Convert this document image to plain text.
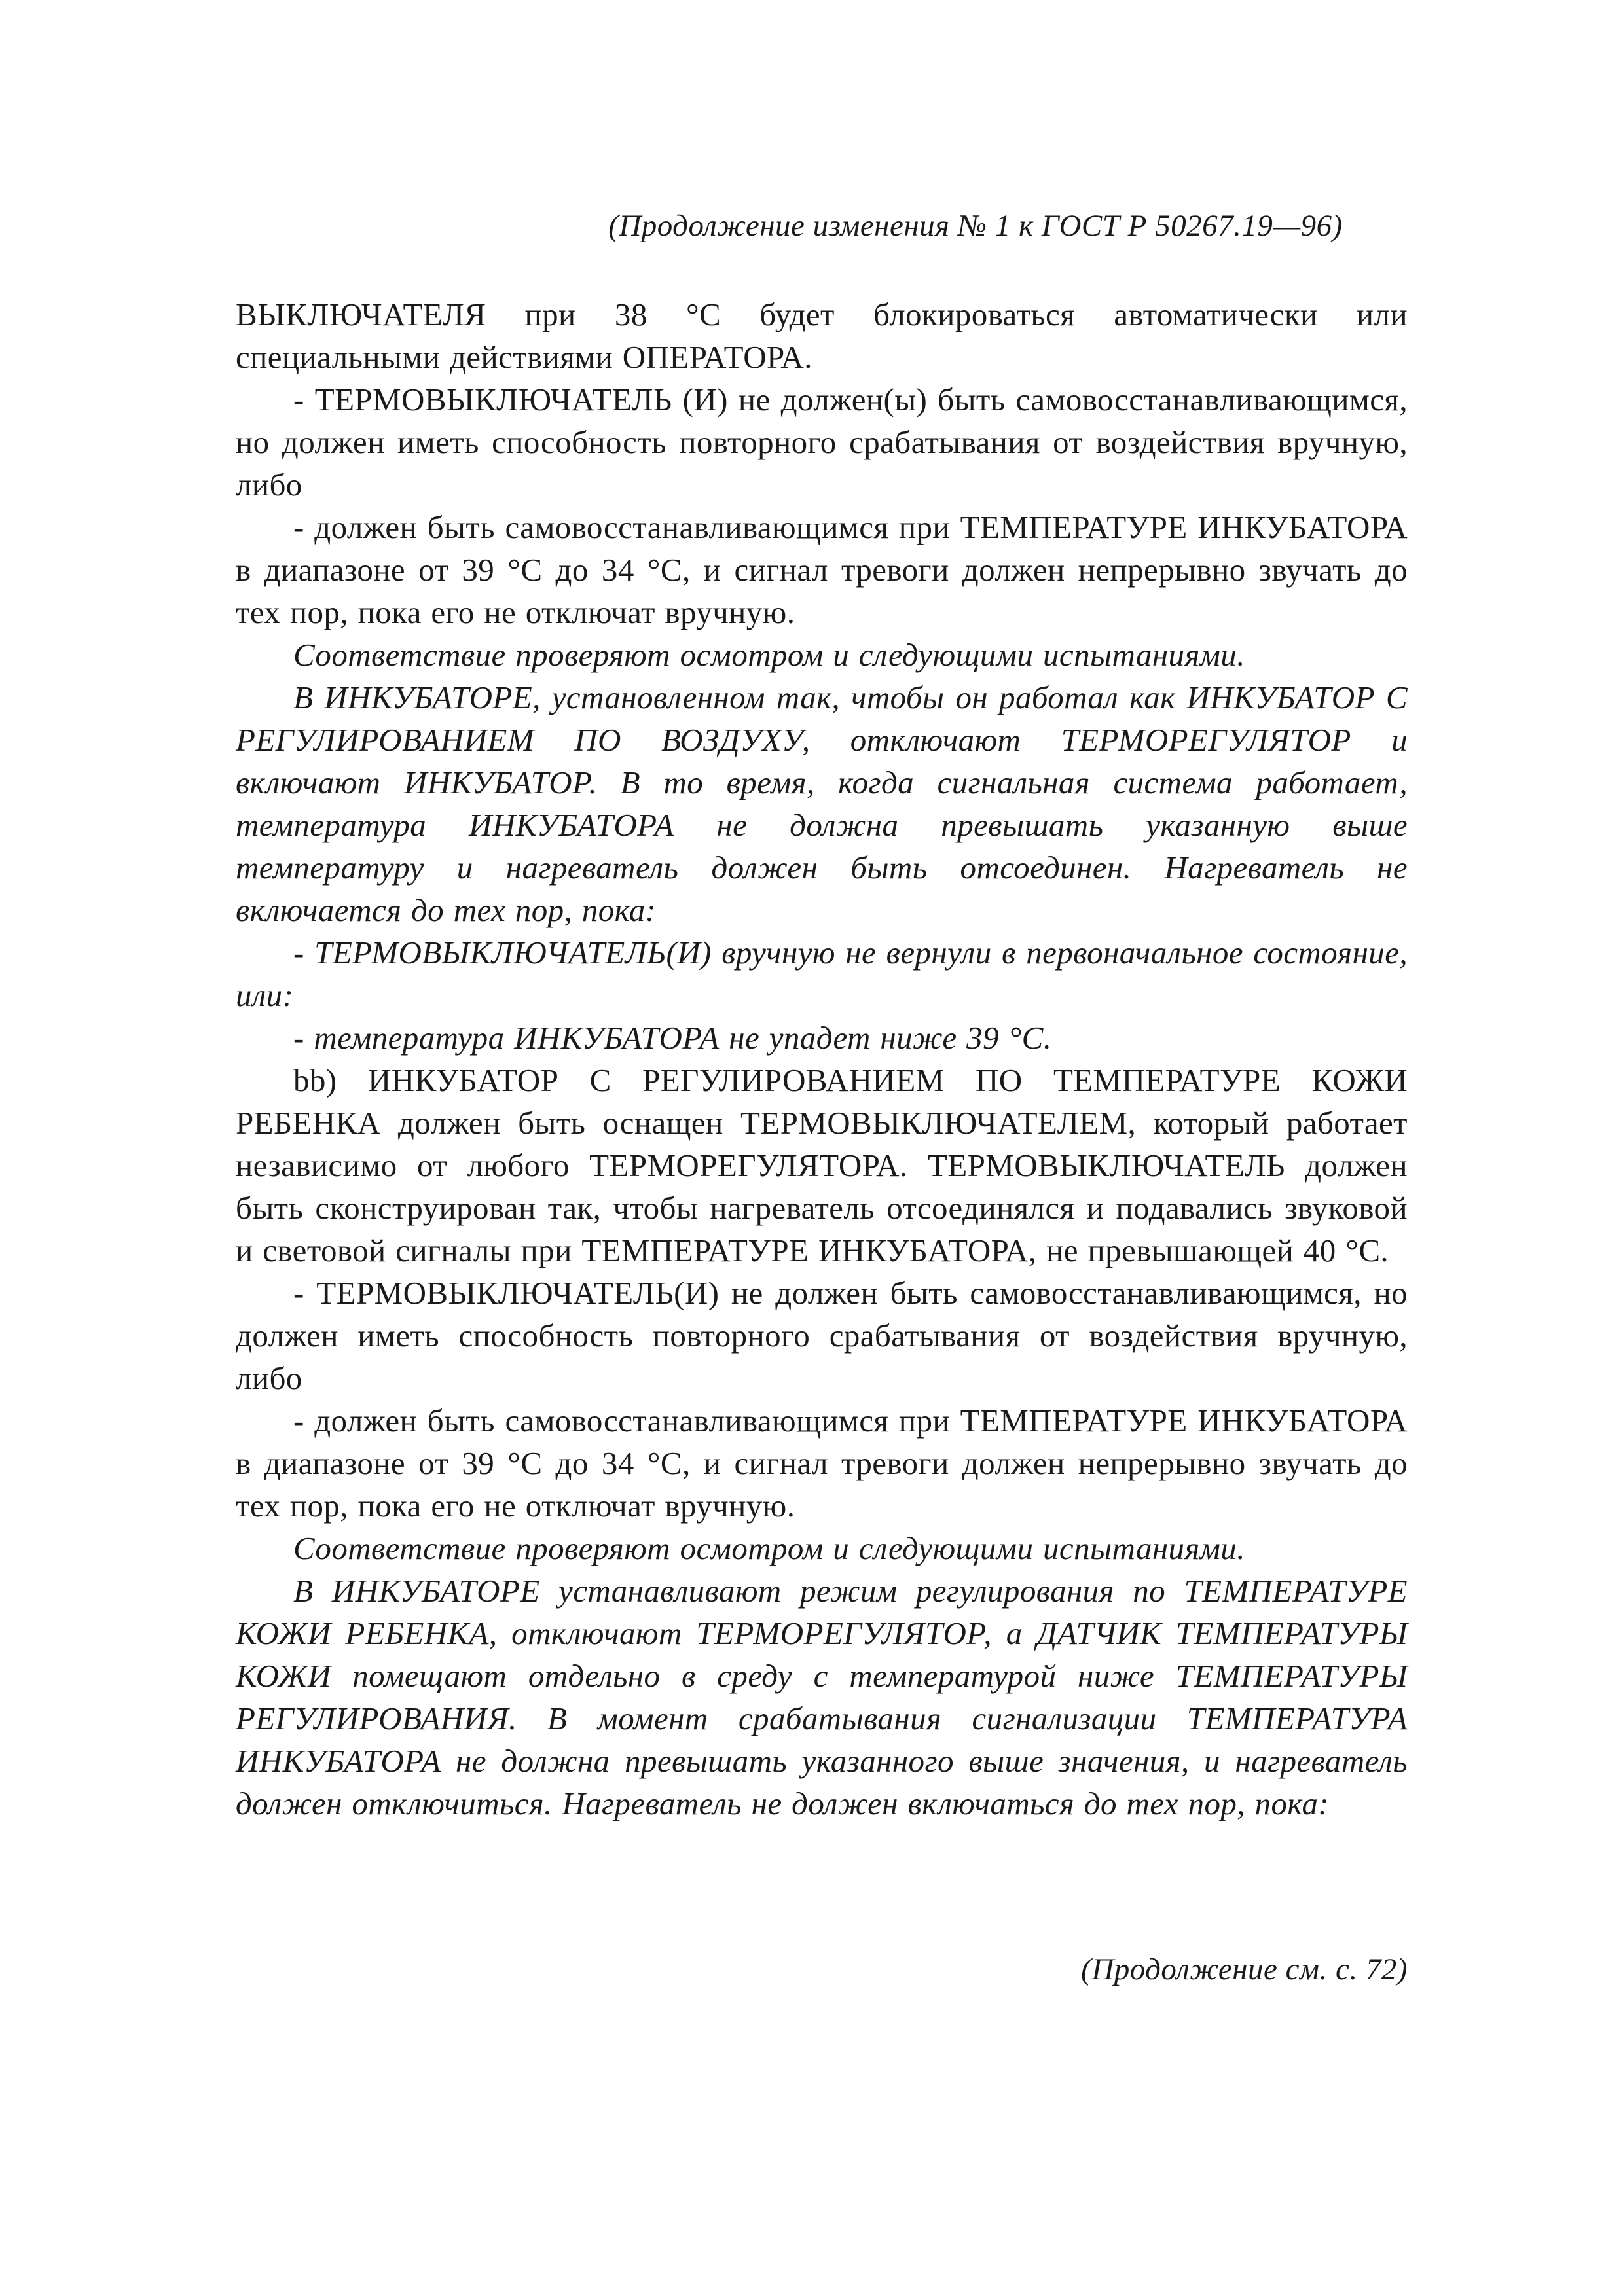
(Продолжение изменения № 1 к ГОСТ Р 50267.19—96)

ВЫКЛЮЧАТЕЛЯ при 38 °С будет блокироваться автоматически или специальными действиями ОПЕРАТОРА.

- ТЕРМОВЫКЛЮЧАТЕЛЬ (И) не должен(ы) быть самовосстанавливающимся, но должен иметь способность повторного срабатывания от воздействия вручную, либо

- должен быть самовосстанавливающимся при ТЕМПЕРАТУРЕ ИНКУБАТОРА в диапазоне от 39 °С до 34 °С, и сигнал тревоги должен непрерывно звучать до тех пор, пока его не отключат вручную.

Соответствие проверяют осмотром и следующими испытаниями.

В ИНКУБАТОРЕ, установленном так, чтобы он работал как ИНКУБАТОР С РЕГУЛИРОВАНИЕМ ПО ВОЗДУХУ, отключают ТЕРМОРЕГУЛЯТОР и включают ИНКУБАТОР. В то время, когда сигнальная система работает, температура ИНКУБАТОРА не должна превышать указанную выше температуру и нагреватель должен быть отсоединен. Нагреватель не включается до тех пор, пока:

- ТЕРМОВЫКЛЮЧАТЕЛЬ(И) вручную не вернули в первоначальное состояние, или:

- температура ИНКУБАТОРА не упадет ниже 39 °С.

bb) ИНКУБАТОР С РЕГУЛИРОВАНИЕМ ПО ТЕМПЕРАТУРЕ КОЖИ РЕБЕНКА должен быть оснащен ТЕРМОВЫКЛЮЧАТЕЛЕМ, который работает независимо от любого ТЕРМОРЕГУЛЯТОРА. ТЕРМОВЫКЛЮЧАТЕЛЬ должен быть сконструирован так, чтобы нагреватель отсоединялся и подавались звуковой и световой сигналы при ТЕМПЕРАТУРЕ ИНКУБАТОРА, не превышающей 40 °С.

- ТЕРМОВЫКЛЮЧАТЕЛЬ(И) не должен быть самовосстанавливающимся, но должен иметь способность повторного срабатывания от воздействия вручную, либо

- должен быть самовосстанавливающимся при ТЕМПЕРАТУРЕ ИНКУБАТОРА в диапазоне от 39 °С до 34 °С, и сигнал тревоги должен непрерывно звучать до тех пор, пока его не отключат вручную.

Соответствие проверяют осмотром и следующими испытаниями.

В ИНКУБАТОРЕ устанавливают режим регулирования по ТЕМПЕРАТУРЕ КОЖИ РЕБЕНКА, отключают ТЕРМОРЕГУЛЯТОР, а ДАТЧИК ТЕМПЕРАТУРЫ КОЖИ помещают отдельно в среду с температурой ниже ТЕМПЕРАТУРЫ РЕГУЛИРОВАНИЯ. В момент срабатывания сигнализации ТЕМПЕРАТУРА ИНКУБАТОРА не должна превышать указанного выше значения, и нагреватель должен отключиться. Нагреватель не должен включаться до тех пор, пока:

(Продолжение см. с. 72)
